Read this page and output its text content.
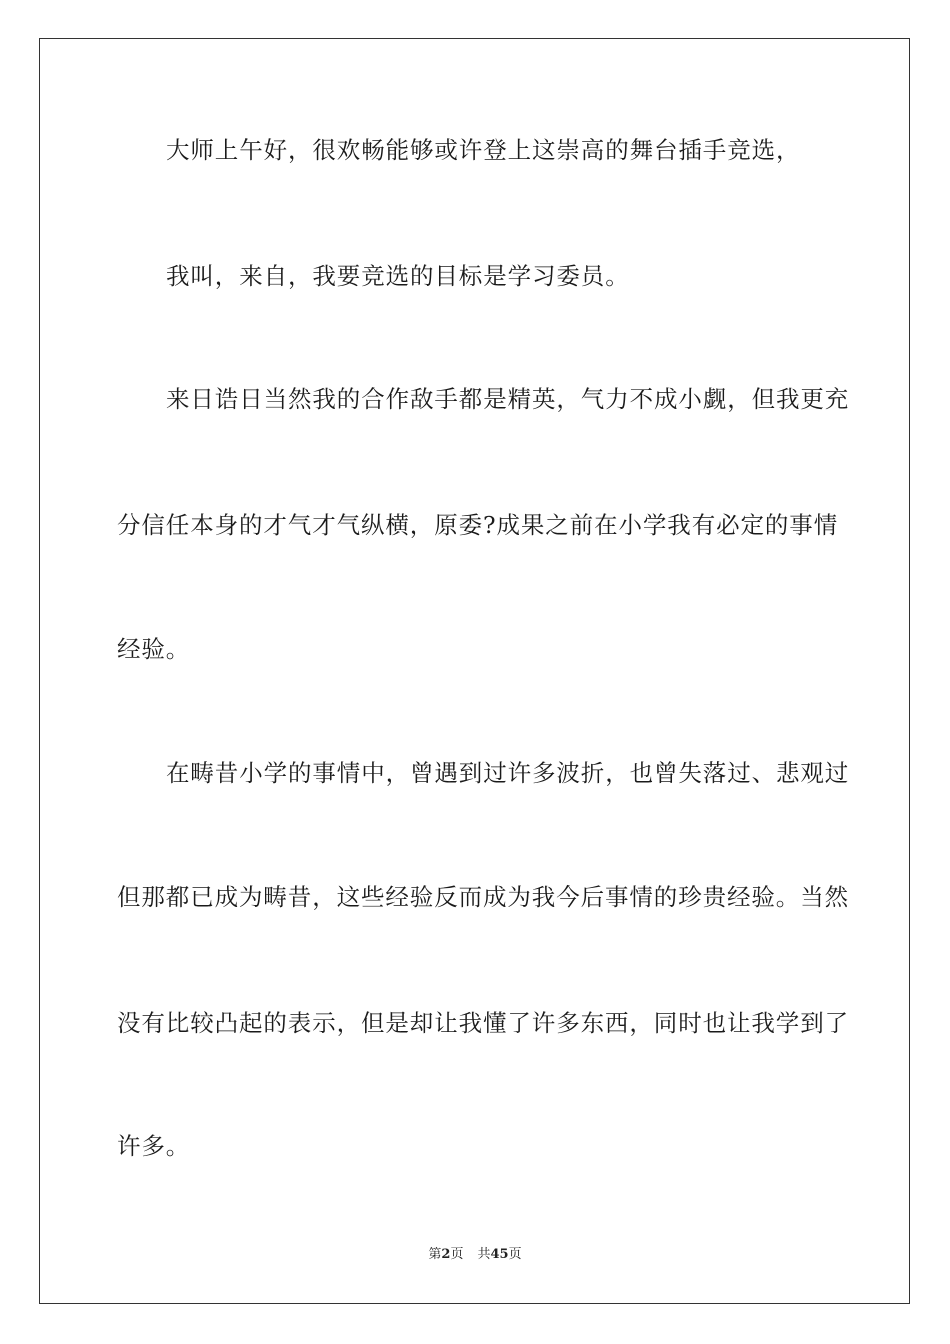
大师上午好，很欢畅能够或许登上这崇高的舞台插手竞选，
我叫，来自，我要竞选的目标是学习委员。
来日诰日当然我的合作敌手都是精英，气力不成小觑，但我更充
分信任本身的才气才气纵横，原委?成果之前在小学我有必定的事情
经验。
在畴昔小学的事情中，曾遇到过许多波折，也曾失落过、悲观过
但那都已成为畴昔，这些经验反而成为我今后事情的珍贵经验。当然
没有比较凸起的表示，但是却让我懂了许多东西，同时也让我学到了
许多。
第2页 共45页
